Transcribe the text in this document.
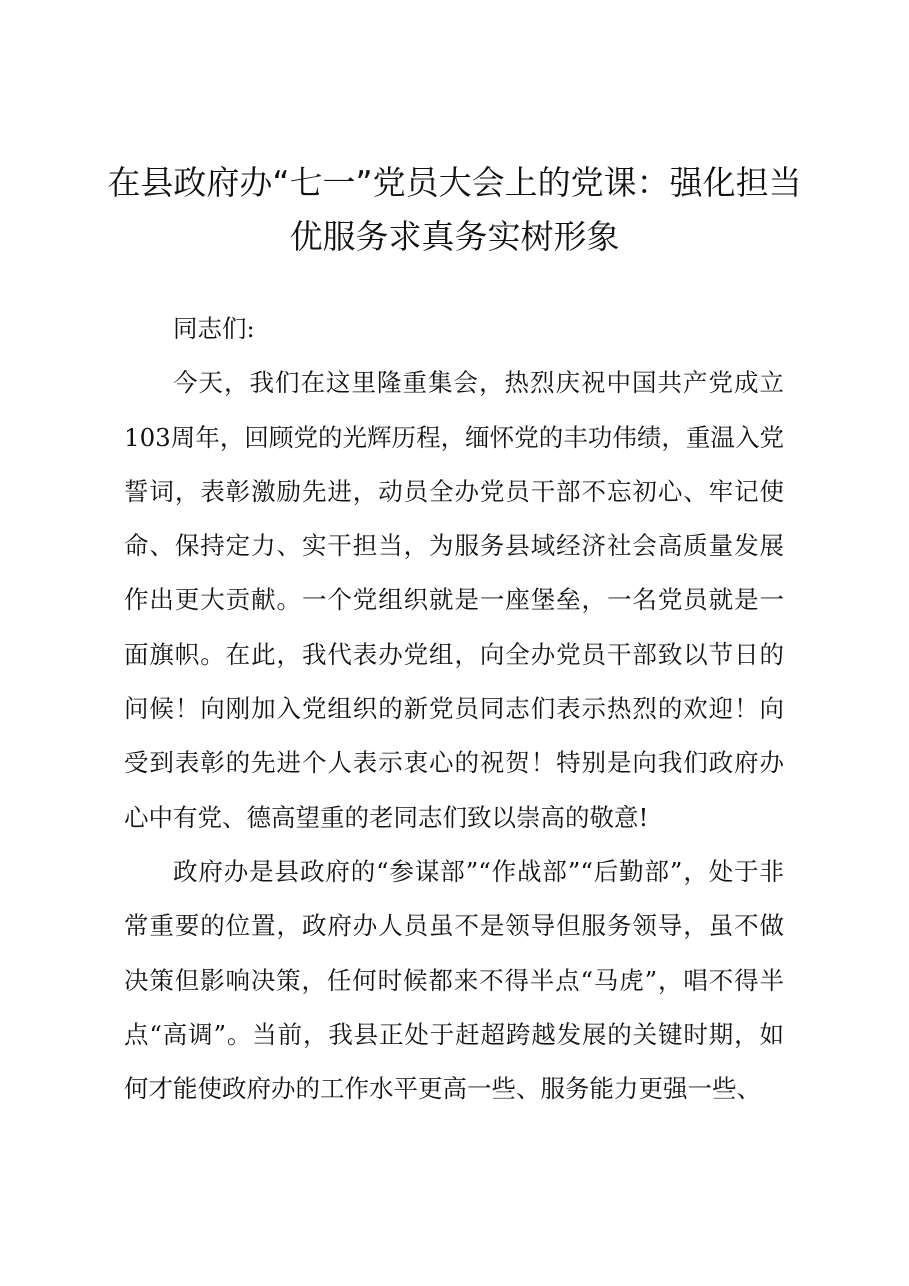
在县政府办“七一”党员大会上的党课：强化担当优服务求真务实树形象

同志们:

今天，我们在这里隆重集会，热烈庆祝中国共产党成立103周年，回顾党的光辉历程，缅怀党的丰功伟绩，重温入党誓词，表彰激励先进，动员全办党员干部不忘初心、牢记使命、保持定力、实干担当，为服务县域经济社会高质量发展作出更大贡献。一个党组织就是一座堡垒，一名党员就是一面旗帜。在此，我代表办党组，向全办党员干部致以节日的问候！向刚加入党组织的新党员同志们表示热烈的欢迎！向受到表彰的先进个人表示衷心的祝贺！特别是向我们政府办心中有党、德高望重的老同志们致以崇高的敬意!

政府办是县政府的“参谋部”“作战部”“后勤部”，处于非常重要的位置，政府办人员虽不是领导但服务领导，虽不做决策但影响决策，任何时候都来不得半点“马虎”，唱不得半点“高调”。当前，我县正处于赶超跨越发展的关键时期，如何才能使政府办的工作水平更高一些、服务能力更强一些、
